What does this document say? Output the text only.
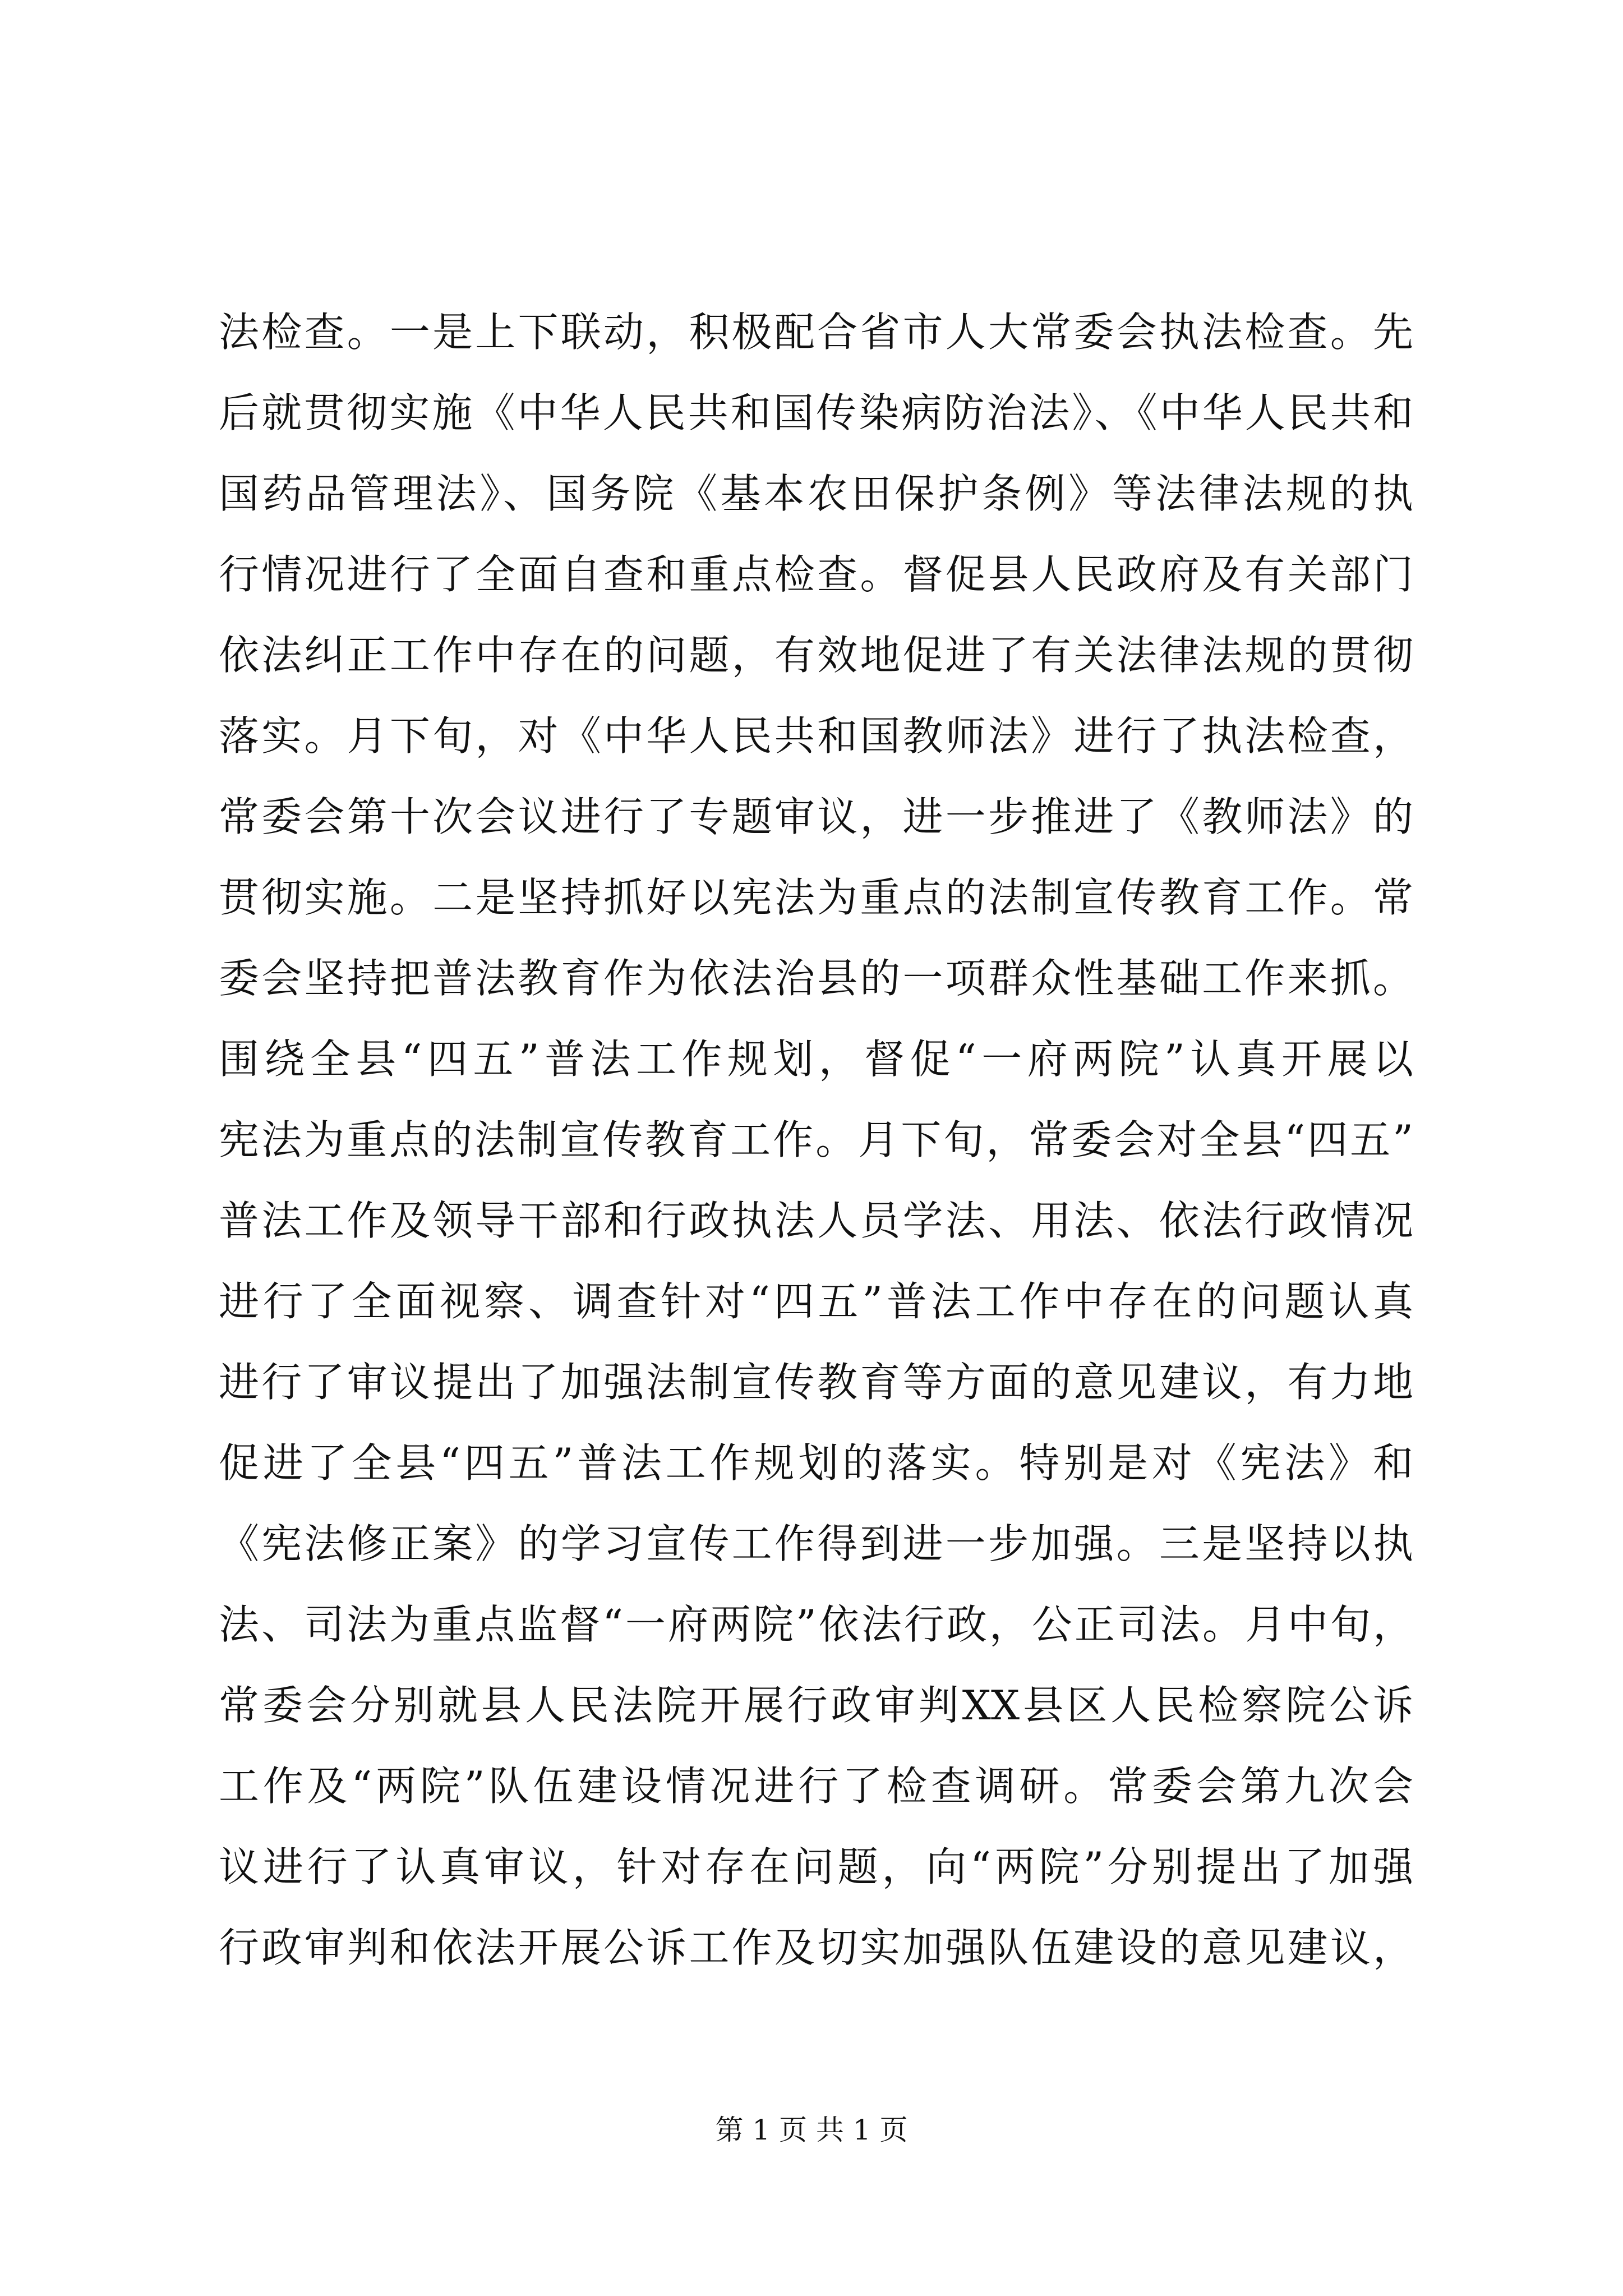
法检查。一是上下联动，积极配合省市人大常委会执法检查。先
后就贯彻实施《中华人民共和国传染病防治法》、《中华人民共和
国药品管理法》、国务院《基本农田保护条例》等法律法规的执
行情况进行了全面自查和重点检查。督促县人民政府及有关部门
依法纠正工作中存在的问题，有效地促进了有关法律法规的贯彻
落实。月下旬，对《中华人民共和国教师法》进行了执法检查，
常委会第十次会议进行了专题审议，进一步推进了《教师法》的
贯彻实施。二是坚持抓好以宪法为重点的法制宣传教育工作。常
委会坚持把普法教育作为依法治县的一项群众性基础工作来抓。
围绕全县“四五”普法工作规划，督促“一府两院”认真开展以
宪法为重点的法制宣传教育工作。月下旬，常委会对全县“四五”
普法工作及领导干部和行政执法人员学法、用法、依法行政情况
进行了全面视察、调查针对“四五”普法工作中存在的问题认真
进行了审议提出了加强法制宣传教育等方面的意见建议，有力地
促进了全县“四五”普法工作规划的落实。特别是对《宪法》和
《宪法修正案》的学习宣传工作得到进一步加强。三是坚持以执
法、司法为重点监督“一府两院”依法行政，公正司法。月中旬，
常委会分别就县人民法院开展行政审判XX县区人民检察院公诉
工作及“两院”队伍建设情况进行了检查调研。常委会第九次会
议进行了认真审议，针对存在问题，向“两院”分别提出了加强
行政审判和依法开展公诉工作及切实加强队伍建设的意见建议，
第 1 页 共 1 页
